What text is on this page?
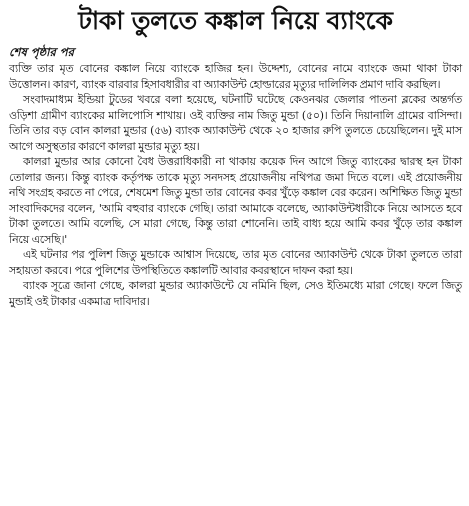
টাকা তুলতে কঙ্কাল নিয়ে ব্যাংকে
শেষ পৃষ্ঠার পর

ব্যক্তি তার মৃত বোনের কঙ্কাল নিয়ে ব্যাংকে হাজির হন। উদ্দেশ্য, বোনের নামে ব্যাংকে জমা থাকা টাকা উত্তোলন। কারণ, ব্যাংক বারবার হিসাবধারীর বা অ্যাকাউন্ট হোল্ডারের মৃত্যুর দালিলিক প্রমাণ দাবি করছিল।

সংবাদমাধ্যম ইন্ডিয়া টুডের খবরে বলা হয়েছে, ঘটনাটি ঘটেছে কেওনঝর জেলার পাতনা ব্লকের অন্তর্গত ওড়িশা গ্রামীণ ব্যাংকের মালিপোসি শাখায়। ওই ব্যক্তির নাম জিতু মুন্ডা (৫০)। তিনি দিয়ানালি গ্রামের বাসিন্দা। তিনি তার বড় বোন কালরা মুন্ডার (৫৬) ব্যাংক অ্যাকাউন্ট থেকে ২০ হাজার রুপি তুলতে চেয়েছিলেন। দুই মাস আগে অসুস্থতার কারণে কালরা মুন্ডার মৃত্যু হয়।

কালরা মুন্ডার আর কোনো বৈধ উত্তরাধিকারী না থাকায় কয়েক দিন আগে জিতু ব্যাংকের দ্বারস্থ হন টাকা তোলার জন্য। কিন্তু ব্যাংক কর্তৃপক্ষ তাকে মৃত্যু সনদসহ প্রয়োজনীয় নথিপত্র জমা দিতে বলে। এই প্রয়োজনীয় নথি সংগ্রহ করতে না পেরে, শেষমেশ জিতু মুন্ডা তার বোনের কবর খুঁড়ে কঙ্কাল বের করেন। অশিক্ষিত জিতু মুন্ডা সাংবাদিকদের বলেন, 'আমি বহুবার ব্যাংকে গেছি। তারা আমাকে বলেছে, অ্যাকাউন্টধারীকে নিয়ে আসতে হবে টাকা তুলতে। আমি বলেছি, সে মারা গেছে, কিন্তু তারা শোনেনি। তাই বাধ্য হয়ে আমি কবর খুঁড়ে তার কঙ্কাল নিয়ে এসেছি।'

এই ঘটনার পর পুলিশ জিতু মুন্ডাকে আশ্বাস দিয়েছে, তার মৃত বোনের অ্যাকাউন্ট থেকে টাকা তুলতে তারা সহায়তা করবে। পরে পুলিশের উপস্থিতিতে কঙ্কালটি আবার কবরস্থানে দাফন করা হয়।

ব্যাংক সূত্রে জানা গেছে, কালরা মুন্ডার অ্যাকাউন্টে যে নমিনি ছিল, সেও ইতিমধ্যে মারা গেছে। ফলে জিতু মুন্ডাই ওই টাকার একমাত্র দাবিদার।
